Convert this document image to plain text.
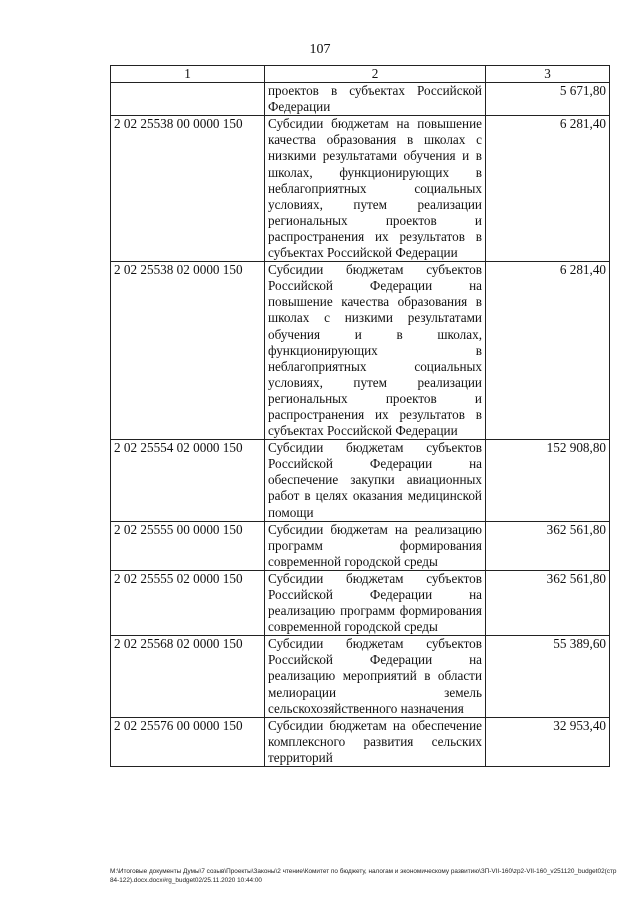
107
1	2	3
	проектов в субъектах Российской Федерации	5 671,80
2 02 25538 00 0000 150	Субсидии бюджетам на повышение качества образования в школах с низкими результатами обучения и в школах, функционирующих в неблагоприятных социальных условиях, путем реализации региональных проектов и распространения их результатов в субъектах Российской Федерации	6 281,40
2 02 25538 02 0000 150	Субсидии бюджетам субъектов Российской Федерации на повышение качества образования в школах с низкими результатами обучения и в школах, функционирующих в неблагоприятных социальных условиях, путем реализации региональных проектов и распространения их результатов в субъектах Российской Федерации	6 281,40
2 02 25554 02 0000 150	Субсидии бюджетам субъектов Российской Федерации на обеспечение закупки авиационных работ в целях оказания медицинской помощи	152 908,80
2 02 25555 00 0000 150	Субсидии бюджетам на реализацию программ формирования современной городской среды	362 561,80
2 02 25555 02 0000 150	Субсидии бюджетам субъектов Российской Федерации на реализацию программ формирования современной городской среды	362 561,80
2 02 25568 02 0000 150	Субсидии бюджетам субъектов Российской Федерации на реализацию мероприятий в области мелиорации земель сельскохозяйственного назначения	55 389,60
2 02 25576 00 0000 150	Субсидии бюджетам на обеспечение комплексного развития сельских территорий	32 953,40
M:\Итоговые документы Думы\7 созыв\Проекты\Законы\2 чтение\Комитет по бюджету, налогам и экономическому развитию\ЗП-VII-160\zp2-VII-160_v251120_budget02(стр 84-122).docx.docx#rg_budget02/25.11.2020 10:44:00
